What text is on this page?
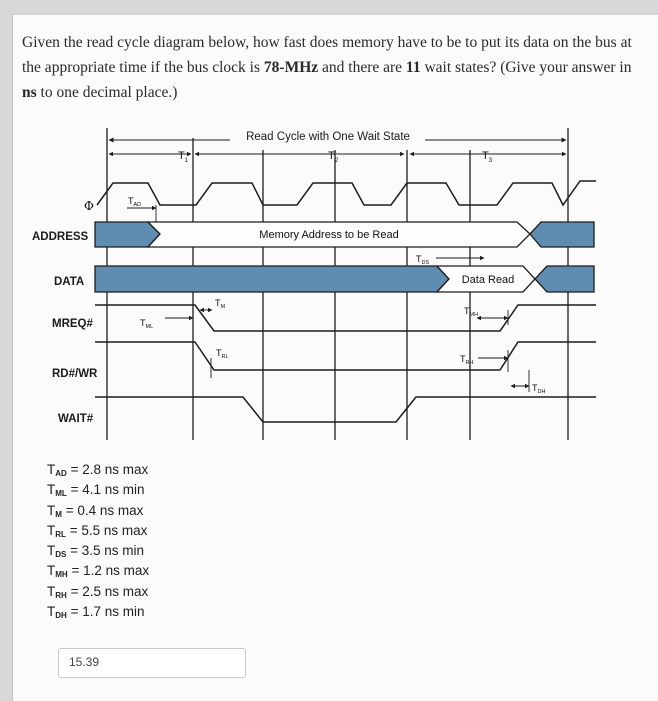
Given the read cycle diagram below, how fast does memory have to be to put its data on the bus at the appropriate time if the bus clock is 78-MHz and there are 11 wait states? (Give your answer in ns to one decimal place.)
Read Cycle with One Wait State
$T_1$	$T_2$	$T_3$
Φ	$T_{AD}$
ADDRESS	Memory Address to be Read
$T_{DS}$
DATA	Data Read
MREQ#	$T_{ML}$
$T_M$	$T_{MH}$
RD#/WR
$T_{RL}$	$T_{RH}$
$T_{DH}$
WAIT#
$T_{AD} = 2.8$ ns max
$T_{ML} = 4.1$ ns min
$T_M = 0.4$ ns max
$T_{RL} = 5.5$ ns max
$T_{DS} = 3.5$ ns min
$T_{MH} = 1.2$ ns max
$T_{RH} = 2.5$ ns max
$T_{DH} = 1.7$ ns min
15.39
